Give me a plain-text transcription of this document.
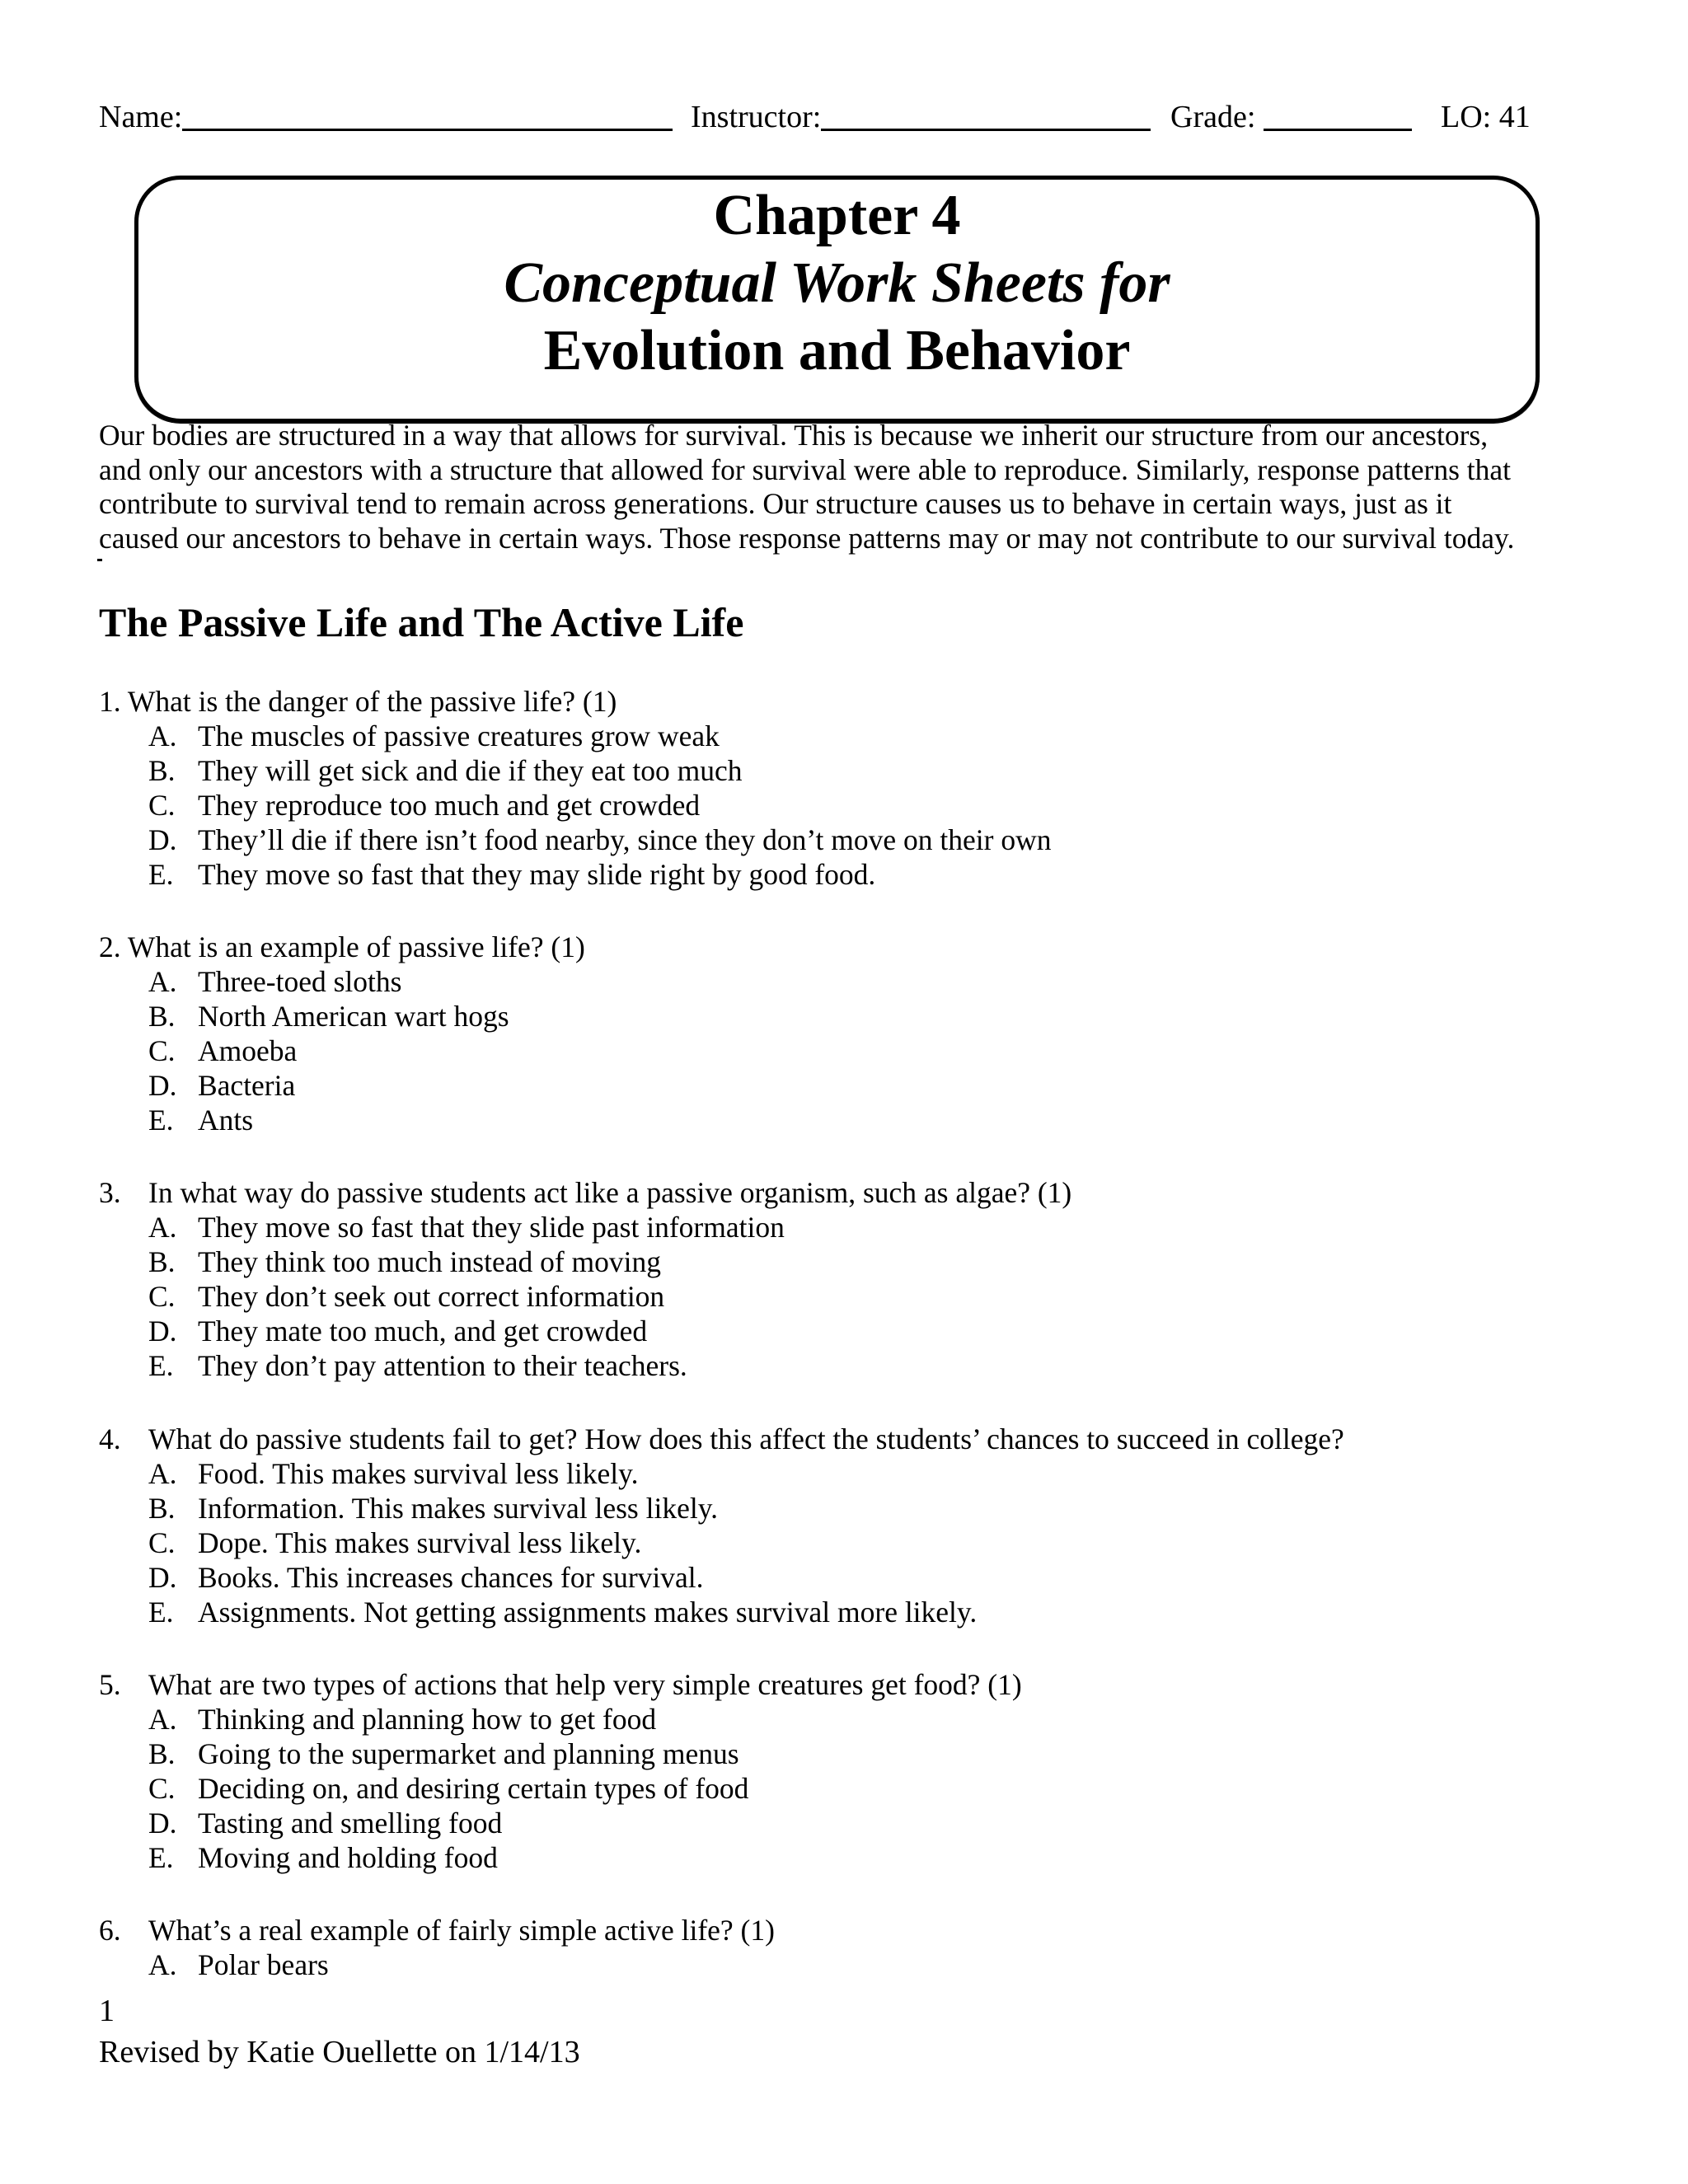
Name:	Instructor:	Grade:	LO: 41
Chapter 4
Conceptual Work Sheets for
Evolution and Behavior

Our bodies are structured in a way that allows for survival. This is because we inherit our structure from our ancestors,

and only our ancestors with a structure that allowed for survival were able to reproduce. Similarly, response patterns that

contribute to survival tend to remain across generations. Our structure causes us to behave in certain ways, just as it

caused our ancestors to behave in certain ways. Those response patterns may or may not contribute to our survival today.

The Passive Life and The Active Life
1. What is the danger of the passive life? (1)
A. The muscles of passive creatures grow weak
B. They will get sick and die if they eat too much
C. They reproduce too much and get crowded
D. They’ll die if there isn’t food nearby, since they don’t move on their own
E. They move so fast that they may slide right by good food.
2. What is an example of passive life? (1)
A. Three-toed sloths
B. North American wart hogs
C. Amoeba
D. Bacteria
E. Ants
3. In what way do passive students act like a passive organism, such as algae? (1)
A. They move so fast that they slide past information
B. They think too much instead of moving
C. They don’t seek out correct information
D. They mate too much, and get crowded
E. They don’t pay attention to their teachers.
4. What do passive students fail to get? How does this affect the students’ chances to succeed in college?
A. Food. This makes survival less likely.
B. Information. This makes survival less likely.
C. Dope. This makes survival less likely.
D. Books. This increases chances for survival.
E. Assignments. Not getting assignments makes survival more likely.
5. What are two types of actions that help very simple creatures get food? (1)
A. Thinking and planning how to get food
B. Going to the supermarket and planning menus
C. Deciding on, and desiring certain types of food
D. Tasting and smelling food
E. Moving and holding food
6. What’s a real example of fairly simple active life? (1)
A. Polar bears
1
Revised by Katie Ouellette on 1/14/13
